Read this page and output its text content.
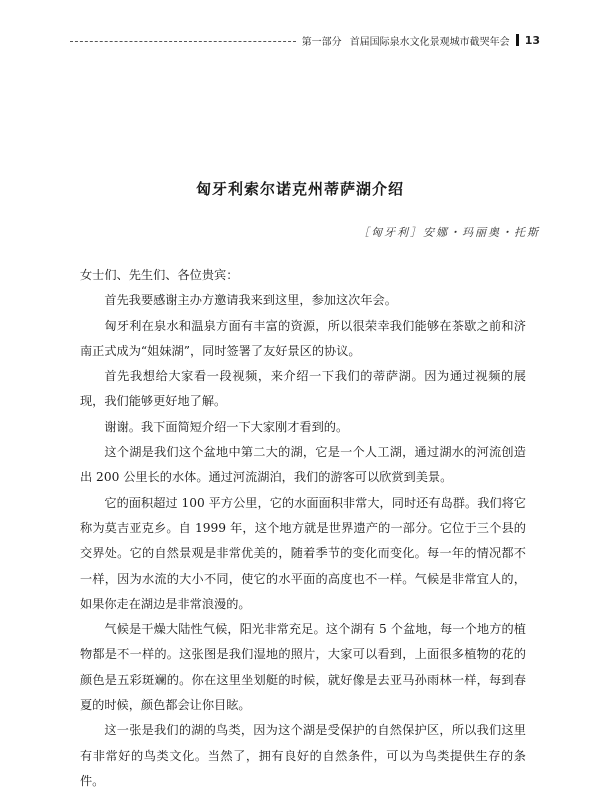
第一部分 首届国际泉水文化景观城市截哭年会 13
匈牙利索尔诺克州蒂萨湖介绍
［匈牙利］安娜・玛丽奥・托斯

女士们、先生们、各位贵宾：

首先我要感谢主办方邀请我来到这里，参加这次年会。

匈牙利在泉水和温泉方面有丰富的资源，所以很荣幸我们能够在茶歇之前和济南正式成为“姐妹湖”，同时签署了友好景区的协议。

首先我想给大家看一段视频，来介绍一下我们的蒂萨湖。因为通过视频的展现，我们能够更好地了解。

谢谢。我下面简短介绍一下大家刚才看到的。

这个湖是我们这个盆地中第二大的湖，它是一个人工湖，通过湖水的河流创造出 200 公里长的水体。通过河流湖泊，我们的游客可以欣赏到美景。

它的面积超过 100 平方公里，它的水面面积非常大，同时还有岛群。我们将它称为莫吉亚克乡。自 1999 年，这个地方就是世界遗产的一部分。它位于三个县的交界处。它的自然景观是非常优美的，随着季节的变化而变化。每一年的情况都不一样，因为水流的大小不同，使它的水平面的高度也不一样。气候是非常宜人的，如果你走在湖边是非常浪漫的。

气候是干燥大陆性气候，阳光非常充足。这个湖有 5 个盆地，每一个地方的植物都是不一样的。这张图是我们湿地的照片，大家可以看到，上面很多植物的花的颜色是五彩斑斓的。你在这里坐划艇的时候，就好像是去亚马孙雨林一样，每到春夏的时候，颜色都会让你目眩。

这一张是我们的湖的鸟类，因为这个湖是受保护的自然保护区，所以我们这里有非常好的鸟类文化。当然了，拥有良好的自然条件，可以为鸟类提供生存的条件。
